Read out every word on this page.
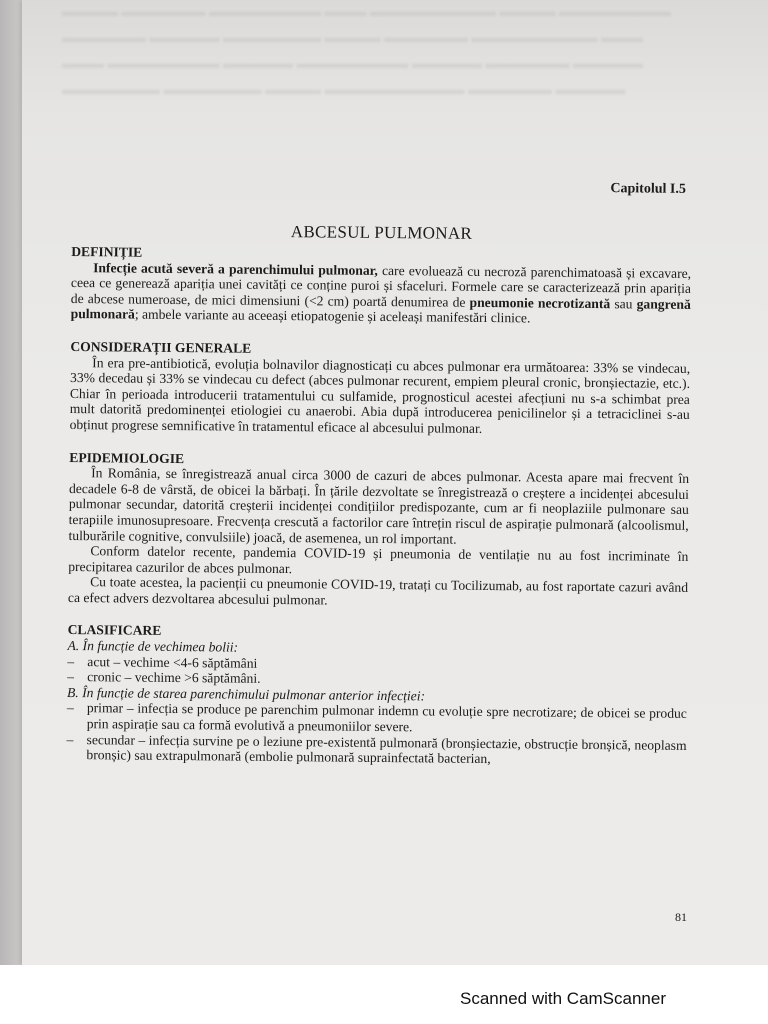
▬▬▬▬ ▬▬▬▬▬▬ ▬▬▬▬▬▬▬▬ ▬▬▬ ▬▬▬▬▬▬▬▬▬ ▬▬▬▬ ▬▬▬▬▬▬▬▬
▬▬▬▬▬▬ ▬▬▬▬▬ ▬▬▬▬▬▬▬ ▬▬▬▬ ▬▬▬▬▬▬ ▬▬▬▬▬▬▬▬▬ ▬▬▬
▬▬▬ ▬▬▬▬▬▬▬▬ ▬▬▬▬▬ ▬▬▬▬▬▬▬▬ ▬▬▬▬▬ ▬▬▬▬▬▬ ▬▬▬▬▬
▬▬▬▬▬▬▬ ▬▬▬▬▬▬▬ ▬▬▬▬ ▬▬▬▬▬▬▬▬▬▬ ▬▬▬▬▬▬ ▬▬▬▬▬
Capitolul I.5
ABCESUL PULMONAR

DEFINIȚIE

Infecție acută severă a parenchimului pulmonar, care evoluează cu necroză parenchimatoasă și excavare, ceea ce generează apariția unei cavități ce conține puroi și sfaceluri. Formele care se caracterizează prin apariția de abcese numeroase, de mici dimensiuni (<2 cm) poartă denumirea de pneumonie necrotizantă sau gangrenă pulmonară; ambele variante au aceeași etiopatogenie și aceleași manifestări clinice.

CONSIDERAȚII GENERALE

În era pre-antibiotică, evoluția bolnavilor diagnosticați cu abces pulmonar era următoarea: 33% se vindecau, 33% decedau și 33% se vindecau cu defect (abces pulmonar recurent, empiem pleural cronic, bronșiectazie, etc.). Chiar în perioada introducerii tratamentului cu sulfamide, prognosticul acestei afecțiuni nu s-a schimbat prea mult datorită predominenței etiologiei cu anaerobi. Abia după introducerea penicilinelor și a tetraciclinei s-au obținut progrese semnificative în tratamentul eficace al abcesului pulmonar.

EPIDEMIOLOGIE

În România, se înregistrează anual circa 3000 de cazuri de abces pulmonar. Acesta apare mai frecvent în decadele 6-8 de vârstă, de obicei la bărbați. În țările dezvoltate se înregistrează o creștere a incidenței abcesului pulmonar secundar, datorită creșterii incidenței condițiilor predispozante, cum ar fi neoplaziile pulmonare sau terapiile imunosupresoare. Frecvența crescută a factorilor care întrețin riscul de aspirație pulmonară (alcoolismul, tulburările cognitive, convulsiile) joacă, de asemenea, un rol important.

Conform datelor recente, pandemia COVID-19 și pneumonia de ventilație nu au fost incriminate în precipitarea cazurilor de abces pulmonar.

Cu toate acestea, la pacienții cu pneumonie COVID-19, tratați cu Tocilizumab, au fost raportate cazuri având ca efect advers dezvoltarea abcesului pulmonar.

CLASIFICARE

A. În funcție de vechimea bolii:

– acut – vechime <4-6 săptămâni

– cronic – vechime >6 săptămâni.

B. În funcție de starea parenchimului pulmonar anterior infecției:

– primar – infecția se produce pe parenchim pulmonar indemn cu evoluție spre necrotizare; de obicei se produc prin aspirație sau ca formă evolutivă a pneumoniilor severe.

– secundar – infecția survine pe o leziune pre-existentă pulmonară (bronșiectazie, obstrucție bronșică, neoplasm bronșic) sau extrapulmonară (embolie pulmonară suprainfectată bacterian,

81
Scanned with CamScanner
